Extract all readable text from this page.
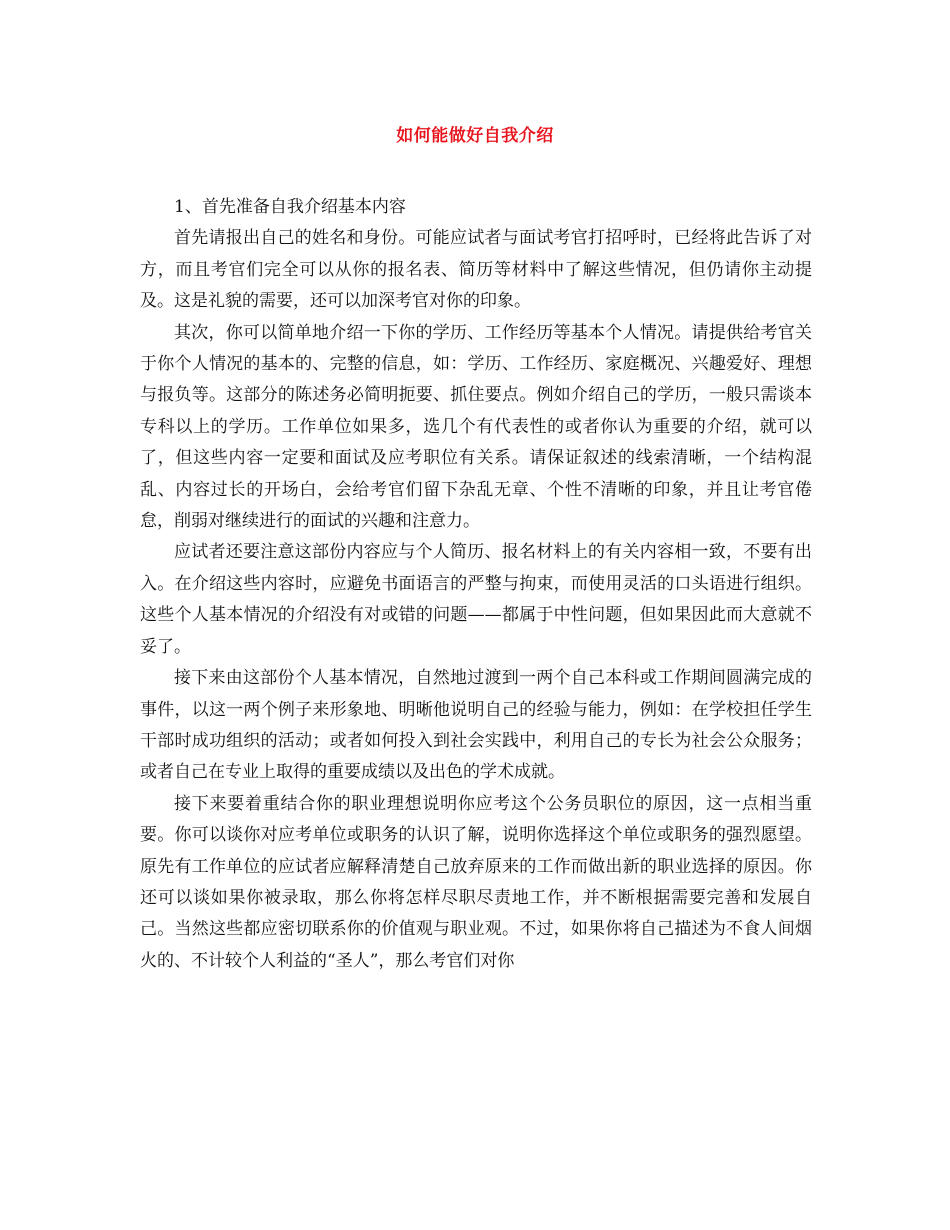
如何能做好自我介绍

1、首先准备自我介绍基本内容

首先请报出自己的姓名和身份。可能应试者与面试考官打招呼时，已经将此告诉了对方，而且考官们完全可以从你的报名表、简历等材料中了解这些情况，但仍请你主动提及。这是礼貌的需要，还可以加深考官对你的印象。

其次，你可以简单地介绍一下你的学历、工作经历等基本个人情况。请提供给考官关于你个人情况的基本的、完整的信息，如：学历、工作经历、家庭概况、兴趣爱好、理想与报负等。这部分的陈述务必简明扼要、抓住要点。例如介绍自己的学历，一般只需谈本专科以上的学历。工作单位如果多，选几个有代表性的或者你认为重要的介绍，就可以了，但这些内容一定要和面试及应考职位有关系。请保证叙述的线索清晰，一个结构混乱、内容过长的开场白，会给考官们留下杂乱无章、个性不清晰的印象，并且让考官倦怠，削弱对继续进行的面试的兴趣和注意力。

应试者还要注意这部份内容应与个人简历、报名材料上的有关内容相一致，不要有出入。在介绍这些内容时，应避免书面语言的严整与拘束，而使用灵活的口头语进行组织。这些个人基本情况的介绍没有对或错的问题——都属于中性问题，但如果因此而大意就不妥了。

接下来由这部份个人基本情况，自然地过渡到一两个自己本科或工作期间圆满完成的事件，以这一两个例子来形象地、明晰他说明自己的经验与能力，例如：在学校担任学生干部时成功组织的活动；或者如何投入到社会实践中，利用自己的专长为社会公众服务；或者自己在专业上取得的重要成绩以及出色的学术成就。

接下来要着重结合你的职业理想说明你应考这个公务员职位的原因，这一点相当重要。你可以谈你对应考单位或职务的认识了解，说明你选择这个单位或职务的强烈愿望。原先有工作单位的应试者应解释清楚自己放弃原来的工作而做出新的职业选择的原因。你还可以谈如果你被录取，那么你将怎样尽职尽责地工作，并不断根据需要完善和发展自己。当然这些都应密切联系你的价值观与职业观。不过，如果你将自己描述为不食人间烟火的、不计较个人利益的“圣人”，那么考官们对你
